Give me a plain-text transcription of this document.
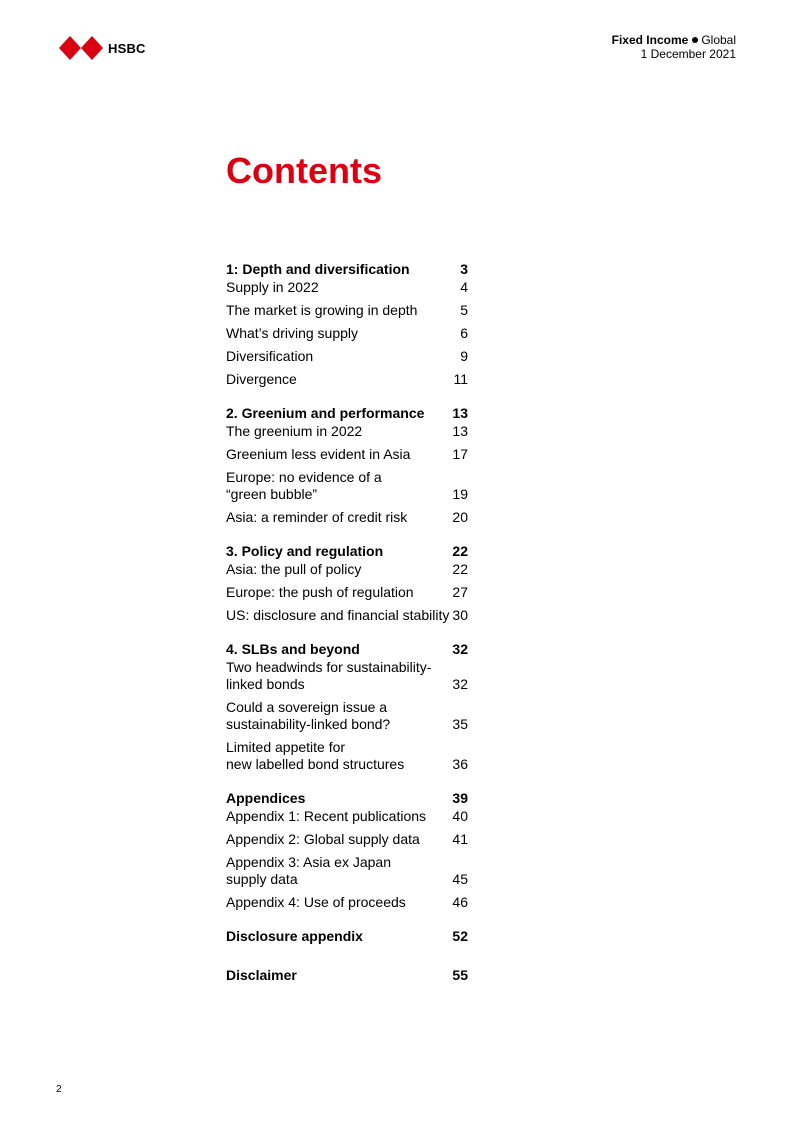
HSBC
Fixed Income Global
1 December 2021
Contents
1: Depth and diversification	3
Supply in 2022	4
The market is growing in depth	5
What’s driving supply	6
Diversification	9
Divergence	11
2. Greenium and performance 13
The greenium in 2022	13
Greenium less evident in Asia	17
Europe: no evidence of a
“green bubble”	19
Asia: a reminder of credit risk	20
3. Policy and regulation	22
Asia: the pull of policy	22
Europe: the push of regulation	27
US: disclosure and financial stability 30
4. SLBs and beyond	32
Two headwinds for sustainability-
linked bonds	32
Could a sovereign issue a
sustainability-linked bond?	35
Limited appetite for
new labelled bond structures	36
Appendices	39
Appendix 1: Recent publications 40
Appendix 2: Global supply data 41
Appendix 3: Asia ex Japan
supply data	45
Appendix 4: Use of proceeds	46
Disclosure appendix	52
Disclaimer	55
2
